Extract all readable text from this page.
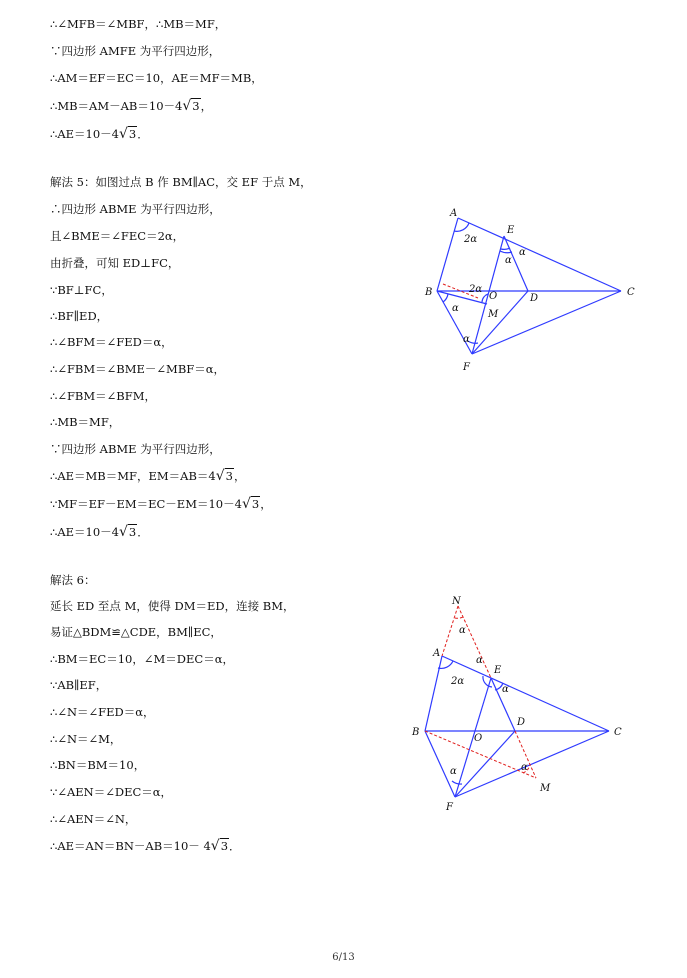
∴∠MFB＝∠MBF，∴MB＝MF，
∵四边形 AMFE 为平行四边形，
∴AM＝EF＝EC＝10，AE＝MF＝MB，
∴MB＝AM－AB＝10－4√3，
∴AE＝10－4√3．
解法 5：如图过点 B 作 BM∥AC，交 EF 于点 M，
∴四边形 ABME 为平行四边形，
且∠BME＝∠FEC＝2α，
由折叠，可知 ED⊥FC，
∵BF⊥FC，
∴BF∥ED，
∴∠BFM＝∠FED＝α，
∴∠FBM＝∠BME－∠MBF＝α，
∴∠FBM＝∠BFM，
∴MB＝MF，
∵四边形 ABME 为平行四边形，
∴AE＝MB＝MF，EM＝AB＝4√3，
∵MF＝EF－EM＝EC－EM＝10－4√3，
∴AE＝10－4√3．
解法 6：
延长 ED 至点 M，使得 DM＝ED，连接 BM，
易证△BDM≌△CDE，BM∥EC，
∴BM＝EC＝10，∠M＝DEC＝α，
∵AB∥EF，
∴∠N＝∠FED＝α，
∴∠N＝∠M，
∴BN＝BM＝10，
∵∠AEN＝∠DEC＝α，
∴∠AEN＝∠N，
∴AE＝AN＝BN－AB＝10－ 4√3．
A
E
B	O	D
C
M
F
2α
α
α
2α
α
α
N
A
E
B
O
D
C
M
F
α
α
2α
α
α
α
6/13
